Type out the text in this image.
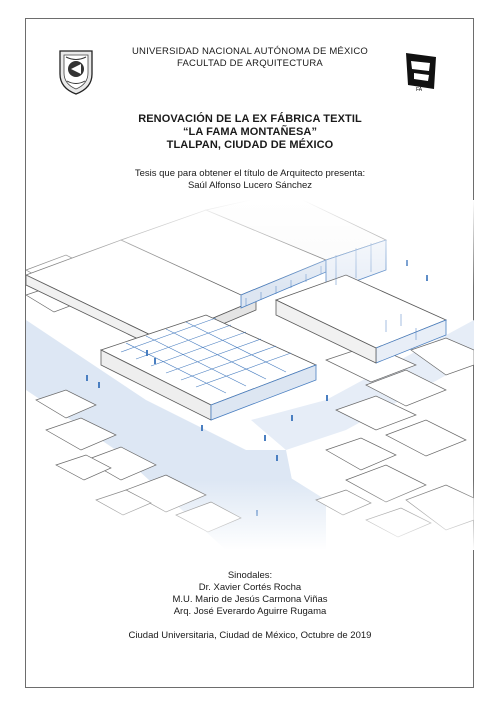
FA
UNIVERSIDAD NACIONAL AUTÓNOMA DE MÉXICO
FACULTAD DE ARQUITECTURA
RENOVACIÓN DE LA EX FÁBRICA TEXTIL
“LA FAMA MONTAÑESA”
TLALPAN, CIUDAD DE MÉXICO
Tesis que para obtener el título de Arquitecto presenta:
Saúl Alfonso Lucero Sánchez
Sinodales:
Dr. Xavier Cortés Rocha
M.U. Mario de Jesús Carmona Viñas
Arq. José Everardo Aguirre Rugama
Ciudad Universitaria, Ciudad de México, Octubre de 2019
